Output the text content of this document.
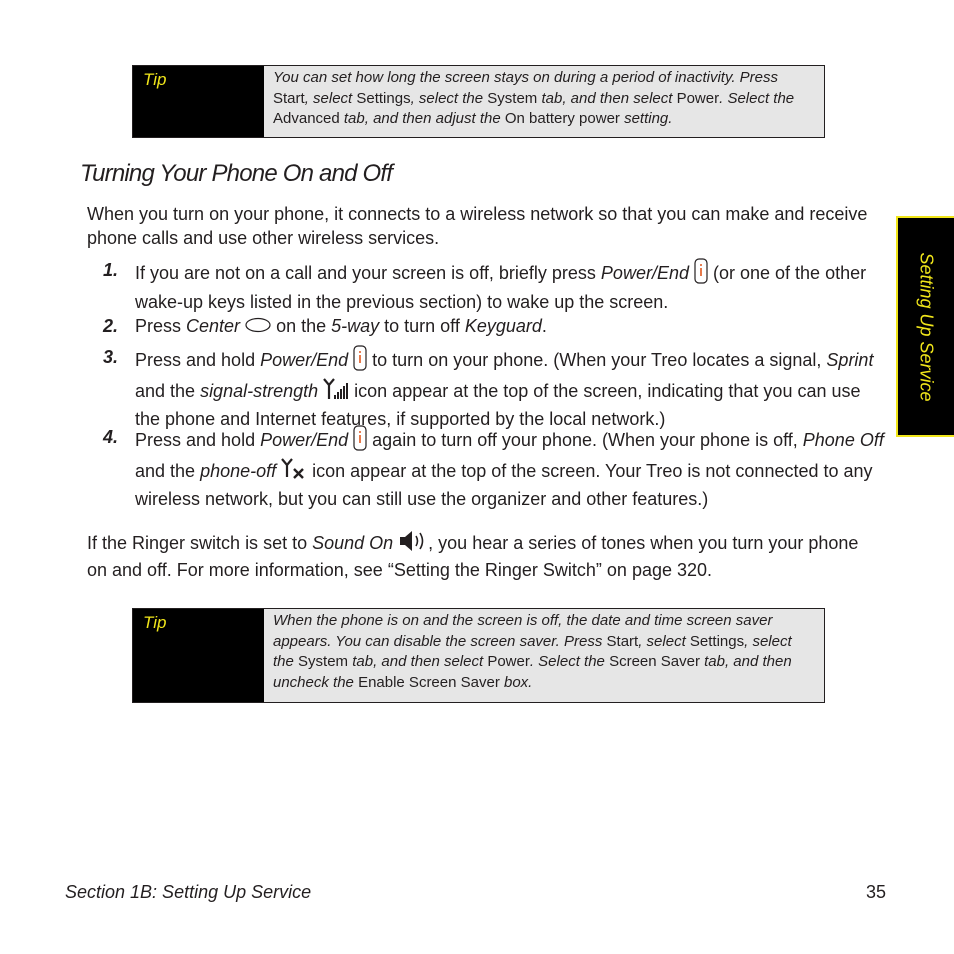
Tip	You can set how long the screen stays on during a period of inactivity. Press Start, select Settings, select the System tab, and then select Power. Select the Advanced tab, and then adjust the On battery power setting.
Turning Your Phone On and Off

When you turn on your phone, it connects to a wireless network so that you can make and receive phone calls and use other wireless services.

1. If you are not on a call and your screen is off, briefly press Power/End  (or one of the other wake-up keys listed in the previous section) to wake up the screen.
2. Press Center  on the 5-way to turn off Keyguard.
3. Press and hold Power/End  to turn on your phone. (When your Treo locates a signal, Sprint and the signal-strength  icon appear at the top of the screen, indicating that you can use the phone and Internet features, if supported by the local network.)
4. Press and hold Power/End  again to turn off your phone. (When your phone is off, Phone Off and the phone-off  icon appear at the top of the screen. Your Treo is not connected to any wireless network, but you can still use the organizer and other features.)

If the Ringer switch is set to Sound On , you hear a series of tones when you turn your phone on and off. For more information, see “Setting the Ringer Switch” on page 320.

Tip	When the phone is on and the screen is off, the date and time screen saver appears. You can disable the screen saver. Press Start, select Settings, select the System tab, and then select Power. Select the Screen Saver tab, and then uncheck the Enable Screen Saver box.
Setting Up Service
Section 1B: Setting Up Service	35
